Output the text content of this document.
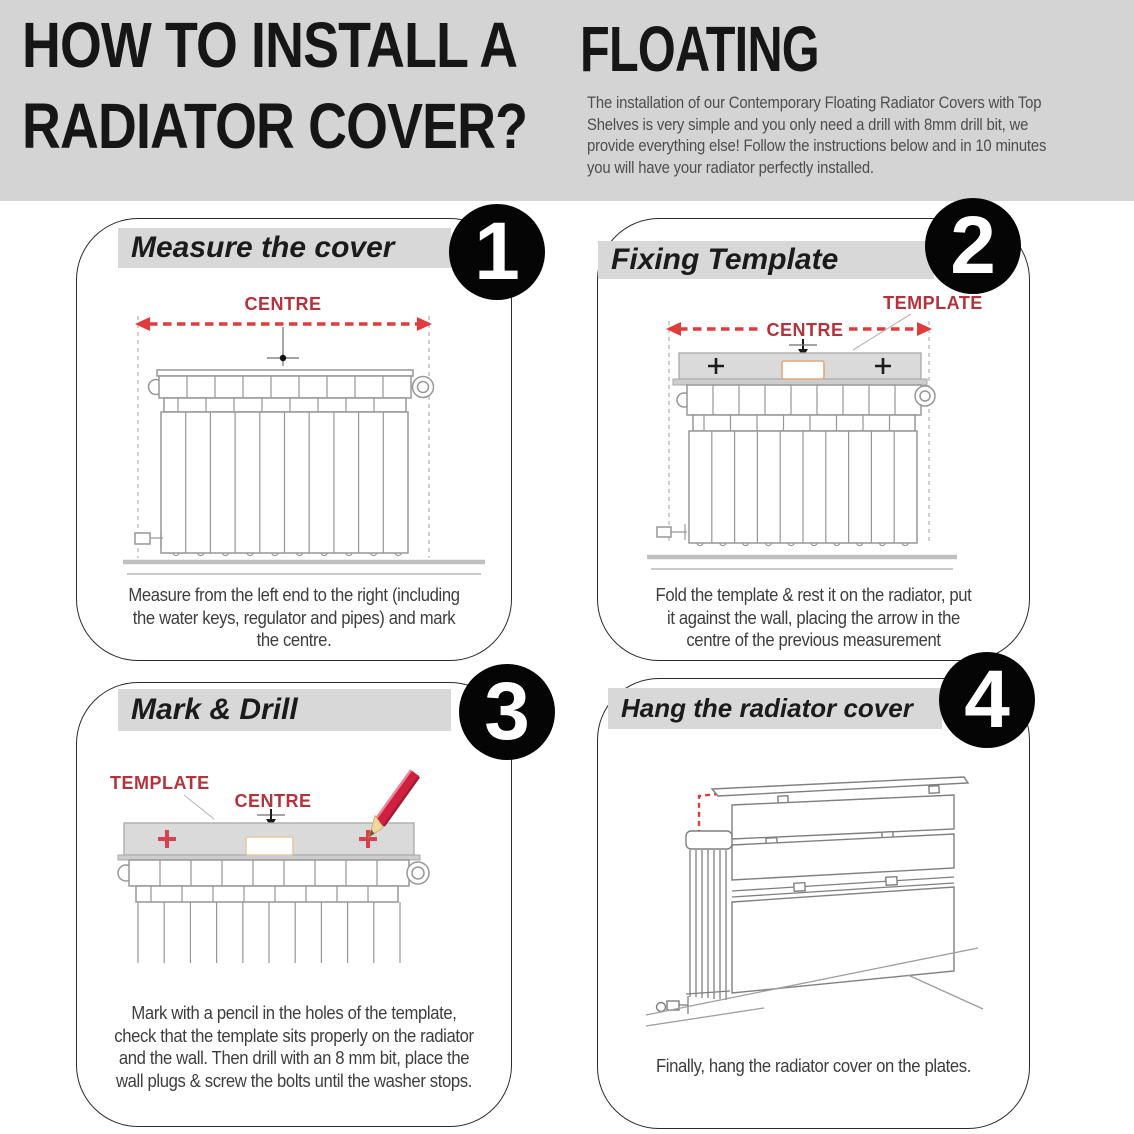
HOW TO INSTALL A
RADIATOR COVER?
FLOATING
The installation of our Contemporary Floating Radiator Covers with Top
Shelves is very simple and you only need a drill with 8mm drill bit, we
provide everything else! Follow the instructions below and in 10 minutes
you will have your radiator perfectly installed.
Measure the cover
CENTRE
Measure from the left end to the right (including
the water keys, regulator and pipes) and mark
the centre.
Fixing Template
CENTRE
TEMPLATE
Fold the template & rest it on the radiator, put
it against the wall, placing the arrow in the
centre of the previous measurement
Mark & Drill
TEMPLATE
CENTRE
Mark with a pencil in the holes of the template,
check that the template sits properly on the radiator
and the wall. Then drill with an 8 mm bit, place the
wall plugs & screw the bolts until the washer stops.
Hang the radiator cover
Finally, hang the radiator cover on the plates.
1	2
3	4
